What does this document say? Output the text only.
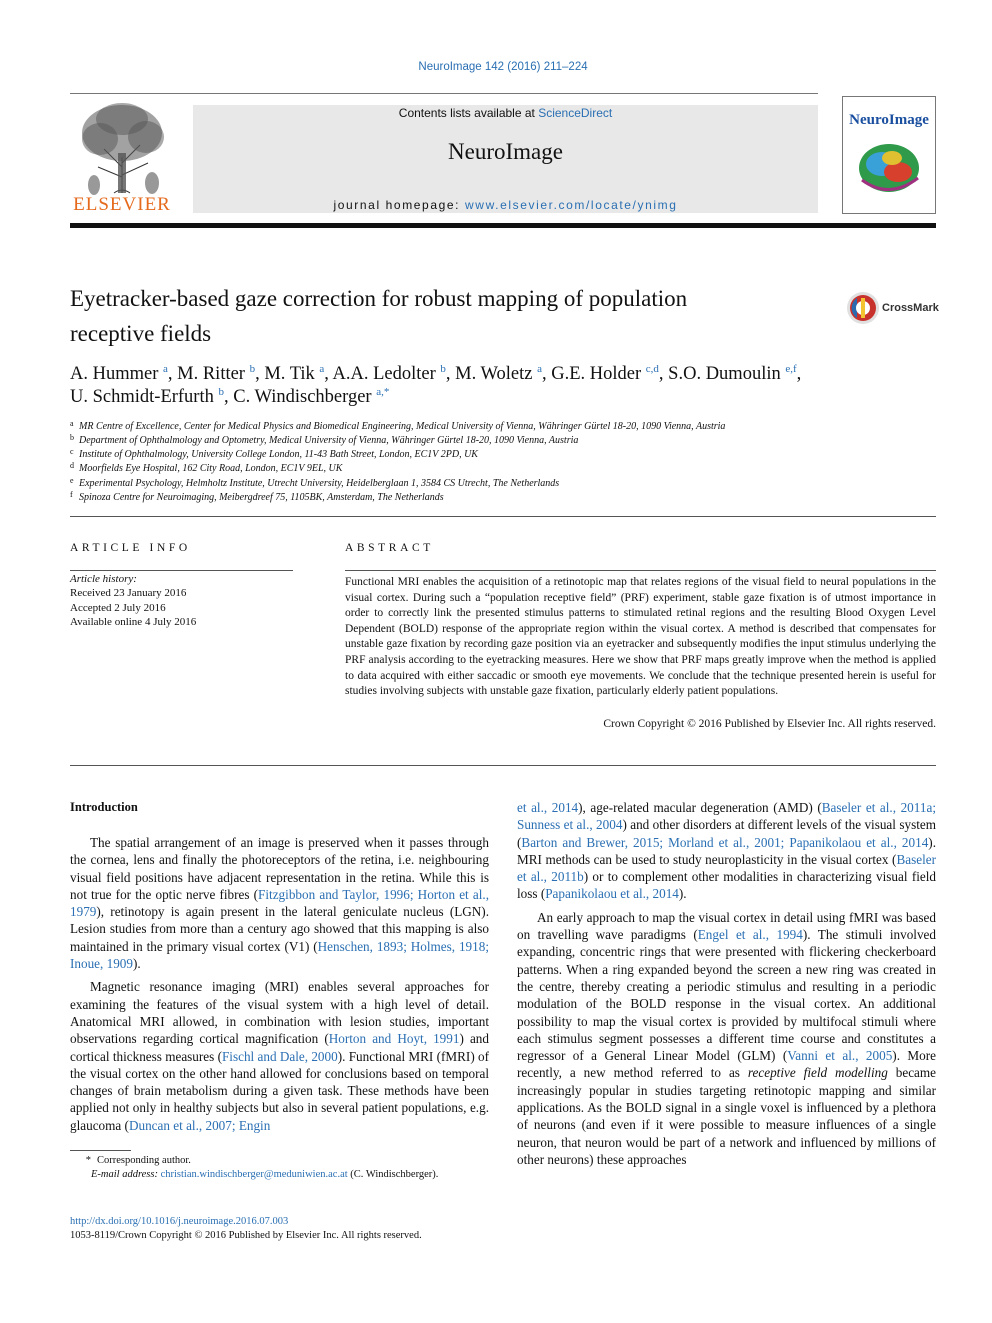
NeuroImage 142 (2016) 211–224
ELSEVIER
Contents lists available at ScienceDirect
NeuroImage
journal homepage: www.elsevier.com/locate/ynimg
NeuroImage
Eyetracker-based gaze correction for robust mapping of population
receptive fields
CrossMark
A. Hummer $^a$, M. Ritter $^b$, M. Tik $^a$, A.A. Ledolter $^b$, M. Woletz $^a$, G.E. Holder $^{c,d}$, S.O. Dumoulin $^{e,f}$,
U. Schmidt-Erfurth $^b$, C. Windischberger $^{a,*}$
a MR Centre of Excellence, Center for Medical Physics and Biomedical Engineering, Medical University of Vienna, Währinger Gürtel 18-20, 1090 Vienna, Austria
b Department of Ophthalmology and Optometry, Medical University of Vienna, Währinger Gürtel 18-20, 1090 Vienna, Austria
c Institute of Ophthalmology, University College London, 11-43 Bath Street, London, EC1V 2PD, UK
d Moorfields Eye Hospital, 162 City Road, London, EC1V 9EL, UK
e Experimental Psychology, Helmholtz Institute, Utrecht University, Heidelberglaan 1, 3584 CS Utrecht, The Netherlands
f Spinoza Centre for Neuroimaging, Meibergdreef 75, 1105BK, Amsterdam, The Netherlands
ARTICLE INFO
Article history:
Received 23 January 2016
Accepted 2 July 2016
Available online 4 July 2016
ABSTRACT
Functional MRI enables the acquisition of a retinotopic map that relates regions of the visual field to neural populations in the visual cortex. During such a “population receptive field” (PRF) experiment, stable gaze fixation is of utmost importance in order to correctly link the presented stimulus patterns to stimulated retinal regions and the resulting Blood Oxygen Level Dependent (BOLD) response of the appropriate region within the visual cortex. A method is described that compensates for unstable gaze fixation by recording gaze position via an eyetracker and subsequently modifies the input stimulus underlying the PRF analysis according to the eyetracking measures. Here we show that PRF maps greatly improve when the method is applied to data acquired with either saccadic or smooth eye movements. We conclude that the technique presented herein is useful for studies involving subjects with unstable gaze fixation, particularly elderly patient populations.
Crown Copyright © 2016 Published by Elsevier Inc. All rights reserved.
Introduction

The spatial arrangement of an image is preserved when it passes through the cornea, lens and finally the photoreceptors of the retina, i.e. neighbouring visual field positions have adjacent representation in the retina. While this is not true for the optic nerve fibres (Fitzgibbon and Taylor, 1996; Horton et al., 1979), retinotopy is again present in the lateral geniculate nucleus (LGN). Lesion studies from more than a century ago showed that this mapping is also maintained in the primary visual cortex (V1) (Henschen, 1893; Holmes, 1918; Inoue, 1909).

Magnetic resonance imaging (MRI) enables several approaches for examining the features of the visual system with a high level of detail. Anatomical MRI allowed, in combination with lesion studies, important observations regarding cortical magnification (Horton and Hoyt, 1991) and cortical thickness measures (Fischl and Dale, 2000). Functional MRI (fMRI) of the visual cortex on the other hand allowed for conclusions based on temporal changes of brain metabolism during a given task. These methods have been applied not only in healthy subjects but also in several patient populations, e.g. glaucoma (Duncan et al., 2007; Engin

et al., 2014), age-related macular degeneration (AMD) (Baseler et al., 2011a; Sunness et al., 2004) and other disorders at different levels of the visual system (Barton and Brewer, 2015; Morland et al., 2001; Papanikolaou et al., 2014). MRI methods can be used to study neuroplasticity in the visual cortex (Baseler et al., 2011b) or to complement other modalities in characterizing visual field loss (Papanikolaou et al., 2014).

An early approach to map the visual cortex in detail using fMRI was based on travelling wave paradigms (Engel et al., 1994). The stimuli involved expanding, concentric rings that were presented with flickering checkerboard patterns. When a ring expanded beyond the screen a new ring was created in the centre, thereby creating a periodic stimulus and resulting in a periodic modulation of the BOLD response in the visual cortex. An additional possibility to map the visual cortex is provided by multifocal stimuli where each stimulus segment possesses a different time course and constitutes a regressor of a General Linear Model (GLM) (Vanni et al., 2005). More recently, a new method referred to as receptive field modelling became increasingly popular in studies targeting retinotopic mapping and similar applications. As the BOLD signal in a single voxel is influenced by a plethora of neurons (and even if it were possible to measure influences of a single neuron, that neuron would be part of a network and influenced by millions of other neurons) these approaches

* Corresponding author.
E-mail address: christian.windischberger@meduniwien.ac.at (C. Windischberger).
http://dx.doi.org/10.1016/j.neuroimage.2016.07.003
1053-8119/Crown Copyright © 2016 Published by Elsevier Inc. All rights reserved.
